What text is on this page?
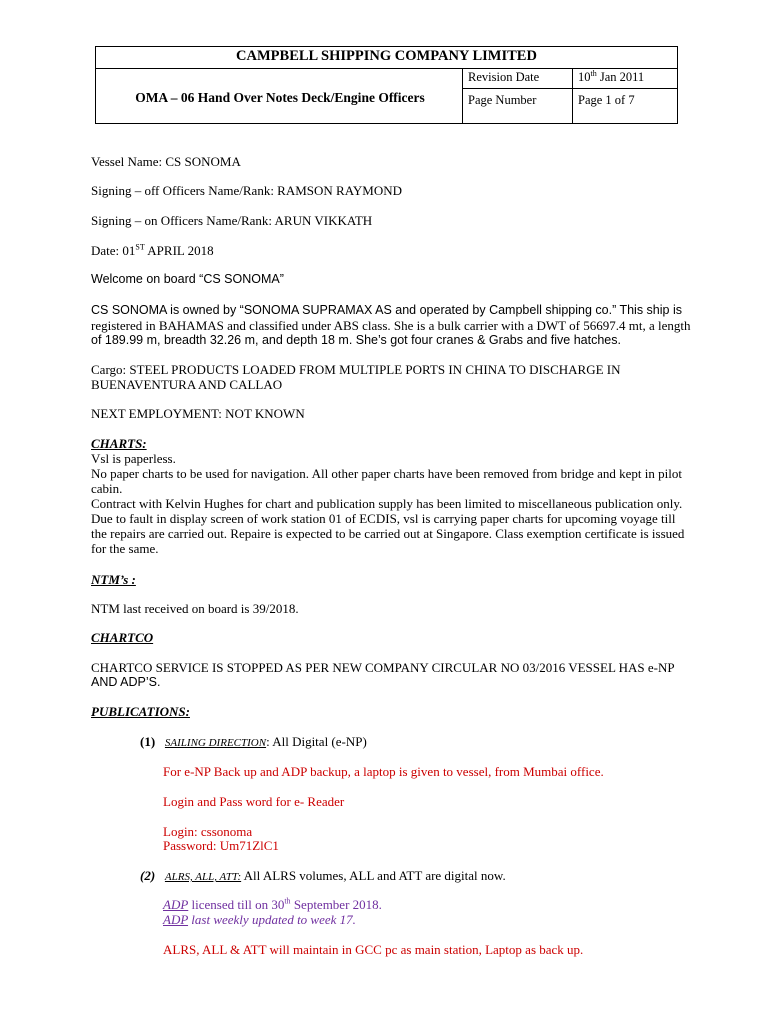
CAMPBELL SHIPPING COMPANY LIMITED
OMA – 06 Hand Over Notes Deck/Engine Officers
Revision Date	10th Jan 2011
Page Number	Page 1 of 7
Vessel Name: CS SONOMA
Signing – off Officers Name/Rank: RAMSON RAYMOND
Signing – on Officers Name/Rank: ARUN VIKKATH
Date: 01ST APRIL 2018
Welcome on board “CS SONOMA”
CS SONOMA is owned by “SONOMA SUPRAMAX AS and operated by Campbell shipping co.” This ship is
registered in BAHAMAS and classified under ABS class. She is a bulk carrier with a DWT of 56697.4 mt, a length
of 189.99 m, breadth 32.26 m, and depth 18 m. She’s got four cranes & Grabs and five hatches.
Cargo: STEEL PRODUCTS LOADED FROM MULTIPLE PORTS IN CHINA TO DISCHARGE IN
BUENAVENTURA AND CALLAO
NEXT EMPLOYMENT: NOT KNOWN
CHARTS:
Vsl is paperless.
No paper charts to be used for navigation. All other paper charts have been removed from bridge and kept in pilot
cabin.
Contract with Kelvin Hughes for chart and publication supply has been limited to miscellaneous publication only.
Due to fault in display screen of work station 01 of ECDIS, vsl is carrying paper charts for upcoming voyage till
the repairs are carried out. Repaire is expected to be carried out at Singapore. Class exemption certificate is issued
for the same.
NTM’s :
NTM last received on board is 39/2018.
CHARTCO
CHARTCO SERVICE IS STOPPED AS PER NEW COMPANY CIRCULAR NO 03/2016 VESSEL HAS e-NP
AND ADP’S.
PUBLICATIONS:
(1) SAILING DIRECTION: All Digital (e-NP)
For e-NP Back up and ADP backup, a laptop is given to vessel, from Mumbai office.
Login and Pass word for e- Reader
Login: cssonoma
Password: Um71ZlC1
(2) ALRS, ALL, ATT: All ALRS volumes, ALL and ATT are digital now.
ADP licensed till on 30th September 2018.
ADP last weekly updated to week 17.
ALRS, ALL & ATT will maintain in GCC pc as main station, Laptop as back up.
